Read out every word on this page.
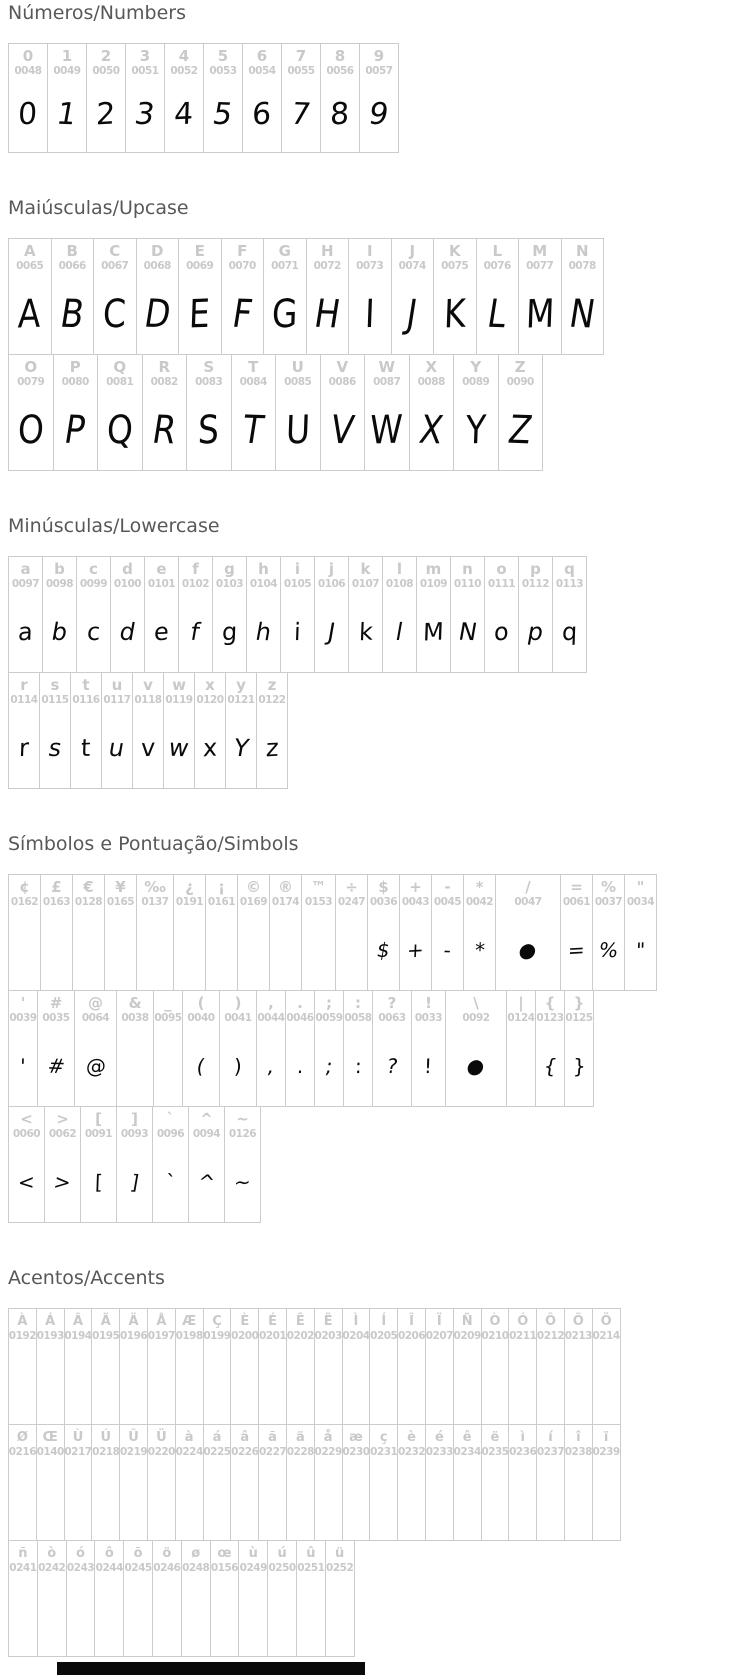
Números/Numbers
0
0048
0
1
0049
1
2
0050
2
3
0051
3
4
0052
4
5
0053
5
6
0054
6
7
0055
7
8
0056
8
9
0057
9
Maiúsculas/Upcase
A
0065
A
B
0066
B
C
0067
C
D
0068
D
E
0069
E
F
0070
F
G
0071
G
H
0072
H
I
0073
I
J
0074
J
K
0075
K
L
0076
L
M
0077
M
N
0078
N
O
0079
O
P
0080
P
Q
0081
Q
R
0082
R
S
0083
S
T
0084
T
U
0085
U
V
0086
V
W
0087
W
X
0088
X
Y
0089
Y
Z
0090
Z
Minúsculas/Lowercase
a
0097
a
b
0098
b
c
0099
c
d
0100
d
e
0101
e
f
0102
f
g
0103
g
h
0104
h
i
0105
i
j
0106
J
k
0107
k
l
0108
l
m
0109
M
n
0110
N
o
0111
o
p
0112
p
q
0113
q
r
0114
r
s
0115
s
t
0116
t
u
0117
u
v
0118
v
w
0119
w
x
0120
x
y
0121
Y
z
0122
z
Símbolos e Pontuação/Simbols
¢
0162
£
0163
€
0128
¥
0165
‰
0137
¿
0191
¡
0161
©
0169
®
0174
™
0153
÷
0247
$
0036
$
+
0043
+
-
0045
-
*
0042
*
/
0047
●
=
0061
=
%
0037
%
"
0034
"
'
0039
'
#
0035
#
@
0064
@
&
0038
_
0095
(
0040
(
)
0041
)
,
0044
,
.
0046
.
;
0059
;
:
0058
:
?
0063
?
!
0033
!
\
0092
●
|
0124
{
0123
{
}
0125
}
<
0060
<
>
0062
>
[
0091
[
]
0093
]
`
0096
`
^
0094
^
~
0126
~
Acentos/Accents
À
0192
Á
0193
Â
0194
Ã
0195
Ä
0196
Å
0197
Æ
0198
Ç
0199
È
0200
É
0201
Ê
0202
Ë
0203
Ì
0204
Í
0205
Î
0206
Ï
0207
Ñ
0209
Ò
0210
Ó
0211
Ô
0212
Õ
0213
Ö
0214
Ø
0216
Œ
0140
Ù
0217
Ú
0218
Û
0219
Ü
0220
à
0224
á
0225
â
0226
ã
0227
ä
0228
å
0229
æ
0230
ç
0231
è
0232
é
0233
ê
0234
ë
0235
ì
0236
í
0237
î
0238
ï
0239
ñ
0241
ò
0242
ó
0243
ô
0244
õ
0245
ö
0246
ø
0248
œ
0156
ù
0249
ú
0250
û
0251
ü
0252
